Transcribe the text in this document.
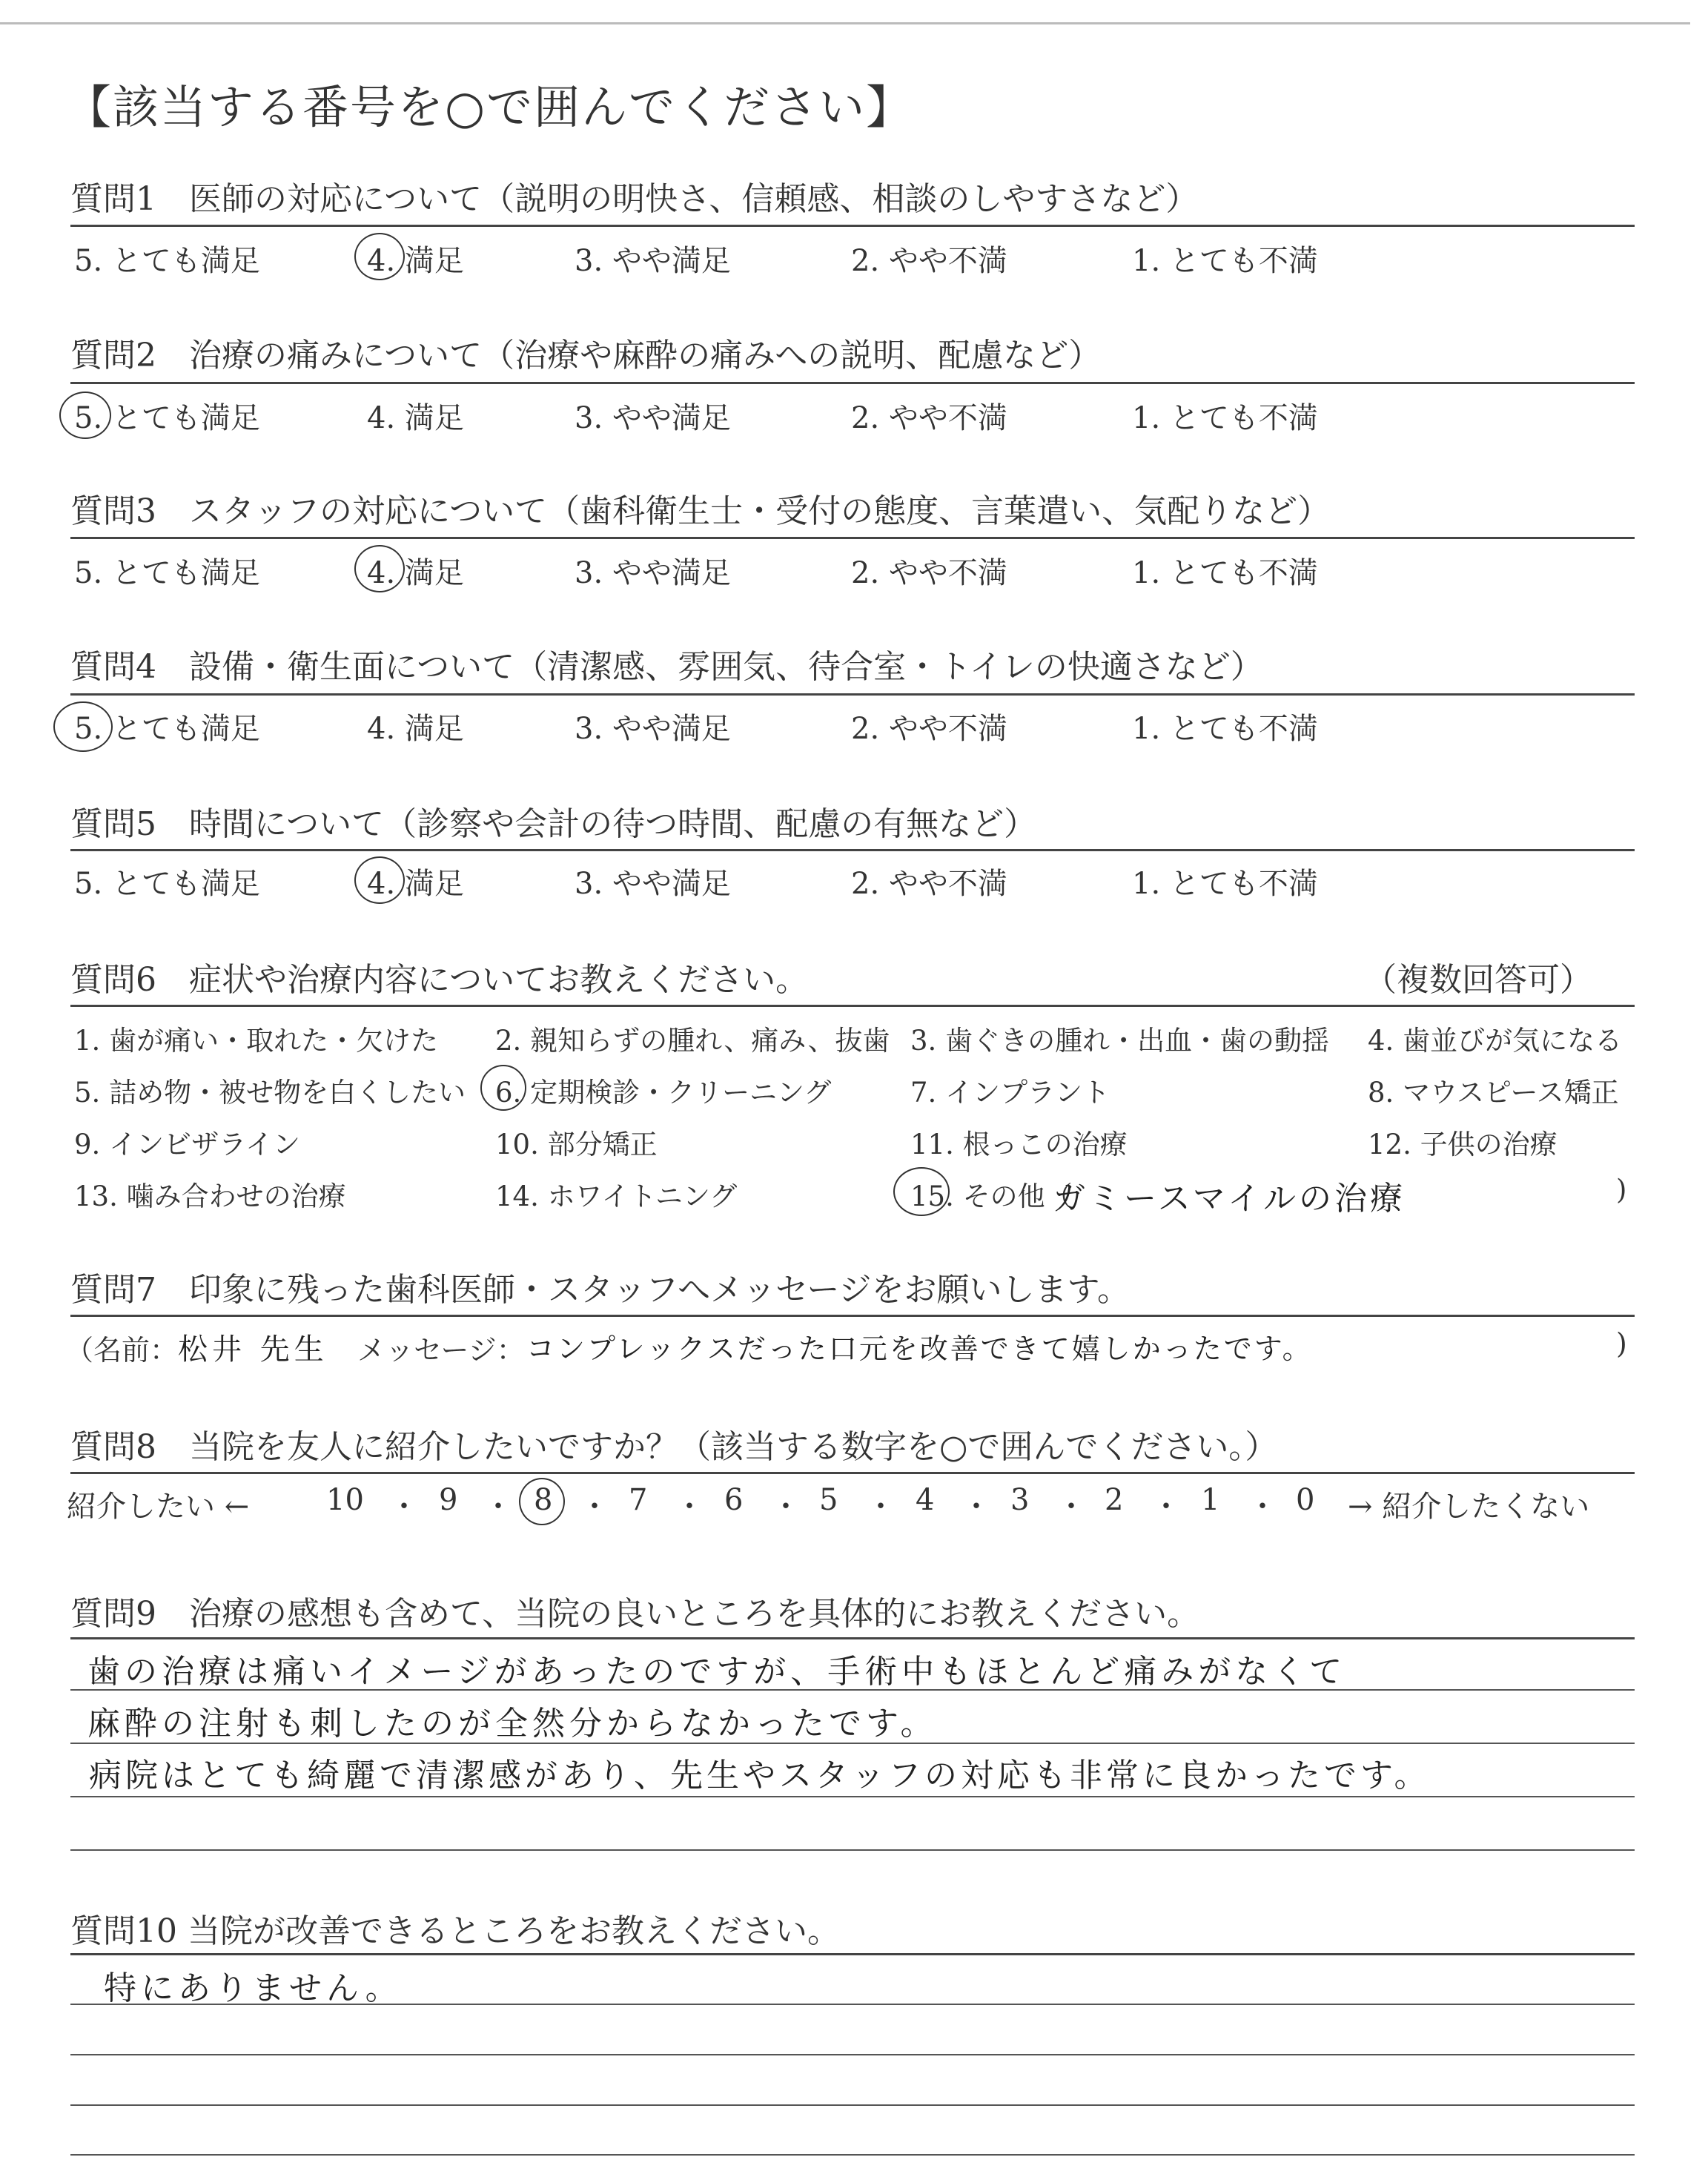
【該当する番号を○で囲んでください】
質問1　医師の対応について（説明の明快さ、信頼感、相談のしやすさなど）
5. とても満足	4. 満足	3. やや満足	2. やや不満	1. とても不満
質問2　治療の痛みについて（治療や麻酔の痛みへの説明、配慮など）
5. とても満足	4. 満足	3. やや満足	2. やや不満	1. とても不満
質問3　スタッフの対応について（歯科衛生士・受付の態度、言葉遣い、気配りなど）
5. とても満足	4. 満足	3. やや満足	2. やや不満	1. とても不満
質問4　設備・衛生面について（清潔感、雰囲気、待合室・トイレの快適さなど）
5. とても満足	4. 満足	3. やや満足	2. やや不満	1. とても不満
質問5　時間について（診察や会計の待つ時間、配慮の有無など）
5. とても満足	4. 満足	3. やや満足	2. やや不満	1. とても不満
質問6　症状や治療内容についてお教えください。	（複数回答可）
1. 歯が痛い・取れた・欠けた 2. 親知らずの腫れ、痛み、抜歯 3. 歯ぐきの腫れ・出血・歯の動揺 4. 歯並びが気になる
5. 詰め物・被せ物を白くしたい 6. 定期検診・クリーニング	7. インプラント	8. マウスピース矯正
9. インビザライン	10. 部分矯正	11. 根っこの治療	12. 子供の治療
13. 噛み合わせの治療	14. ホワイトニング	15. その他（
ガミースマイルの治療	)
質問7　印象に残った歯科医師・スタッフへメッセージをお願いします。
（名前： 松井 先生 メッセージ： コンプレックスだった口元を改善できて嬉しかったです。	)
質問8　当院を友人に紹介したいですか？（該当する数字を○で囲んでください。）
紹介したい ←	10 ・ 9 ・ 8 ・ 7 ・ 6 ・ 5 ・ 4 ・ 3 ・ 2 ・ 1 ・ 0 → 紹介したくない
質問9　治療の感想も含めて、当院の良いところを具体的にお教えください。
歯の治療は痛いイメージがあったのですが、手術中もほとんど痛みがなくて
麻酔の注射も刺したのが全然分からなかったです。
病院はとても綺麗で清潔感があり、先生やスタッフの対応も非常に良かったです。
質問10 当院が改善できるところをお教えください。
特にありません。
